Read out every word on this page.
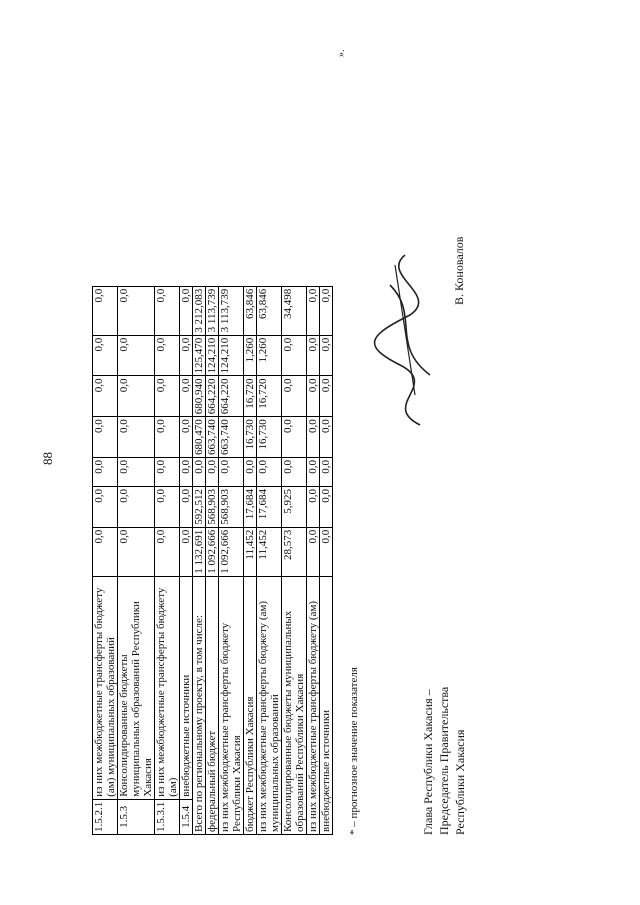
88
».
1.5.2.1	из них межбюджетные трансферты бюджету (ам) муниципальных образований	0,0	0,0	0,0	0,0	0,0	0,0	0,0
1.5.3	Консолидированные бюджеты муниципальных образований Республики Хакасия	0,0	0,0	0,0	0,0	0,0	0,0	0,0
1.5.3.1	из них межбюджетные трансферты бюджету (ам)	0,0	0,0	0,0	0,0	0,0	0,0	0,0
1.5.4	внебюджетные источники	0,0	0,0	0,0	0,0	0,0	0,0	0,0
Всего по региональному проекту, в том числе:		1 132,691	592,512	0,0	680,470	680,940	125,470	3 212,083
федеральный бюджет		1 092,666	568,903	0,0	663,740	664,220	124,210	3 113,739
из них межбюджетные трансферты бюджету Республики Хакасия		1 092,666	568,903	0,0	663,740	664,220	124,210	3 113,739
бюджет Республики Хакасия		11,452	17,684	0,0	16,730	16,720	1,260	63,846
из них межбюджетные трансферты бюджету (ам) муниципальных образований		11,452	17,684	0,0	16,730	16,720	1,260	63,846
Консолидированные бюджеты муниципальных образований Республики Хакасия		28,573	5,925	0,0	0,0	0,0	0,0	34,498
из них межбюджетные трансферты бюджету (ам)		0,0	0,0	0,0	0,0	0,0	0,0	0,0
внебюджетные источники		0,0	0,0	0,0	0,0	0,0	0,0	0,0
* – прогнозное значение показателя	Глава Республики Хакасия – Председатель Правительства Республики Хакасия
В. Коновалов
